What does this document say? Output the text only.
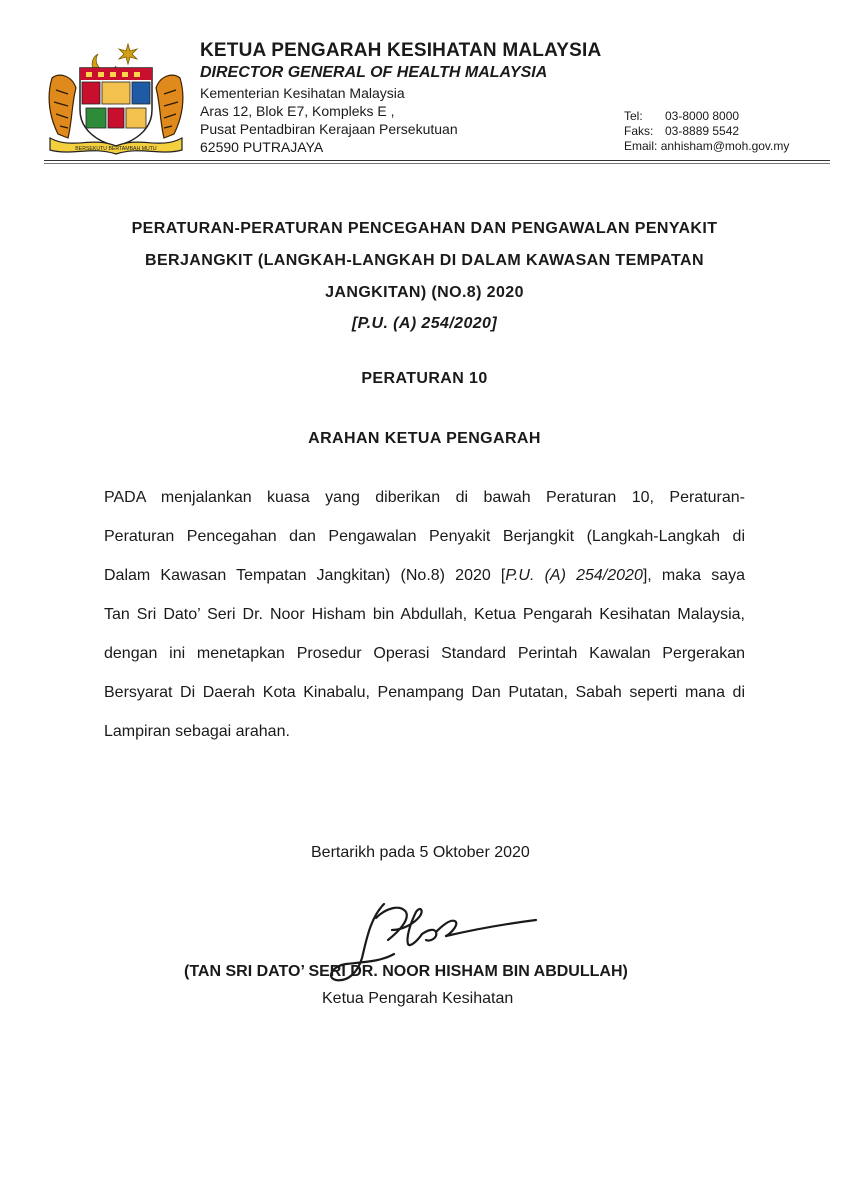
BERSEKUTU BERTAMBAH MUTU
KETUA PENGARAH KESIHATAN MALAYSIA
DIRECTOR GENERAL OF HEALTH MALAYSIA
Kementerian Kesihatan Malaysia
Aras 12, Blok E7, Kompleks E ,
Pusat Pentadbiran Kerajaan Persekutuan
62590 PUTRAJAYA
Tel: 03-8000 8000
Faks: 03-8889 5542
Email: anhisham@moh.gov.my
PERATURAN-PERATURAN PENCEGAHAN DAN PENGAWALAN PENYAKIT
BERJANGKIT (LANGKAH-LANGKAH DI DALAM KAWASAN TEMPATAN
JANGKITAN) (NO.8) 2020
[P.U. (A) 254/2020]
PERATURAN 10
ARAHAN KETUA PENGARAH
PADA menjalankan kuasa yang diberikan di bawah Peraturan 10, Peraturan-
Peraturan Pencegahan dan Pengawalan Penyakit Berjangkit (Langkah-Langkah di
Dalam Kawasan Tempatan Jangkitan) (No.8) 2020 [P.U. (A) 254/2020], maka saya
Tan Sri Dato’ Seri Dr. Noor Hisham bin Abdullah, Ketua Pengarah Kesihatan Malaysia,
dengan ini menetapkan Prosedur Operasi Standard Perintah Kawalan Pergerakan
Bersyarat Di Daerah Kota Kinabalu, Penampang Dan Putatan, Sabah seperti mana di
Lampiran sebagai arahan.
Bertarikh pada 5 Oktober 2020
(TAN SRI DATO’ SERI DR. NOOR HISHAM BIN ABDULLAH)
Ketua Pengarah Kesihatan
